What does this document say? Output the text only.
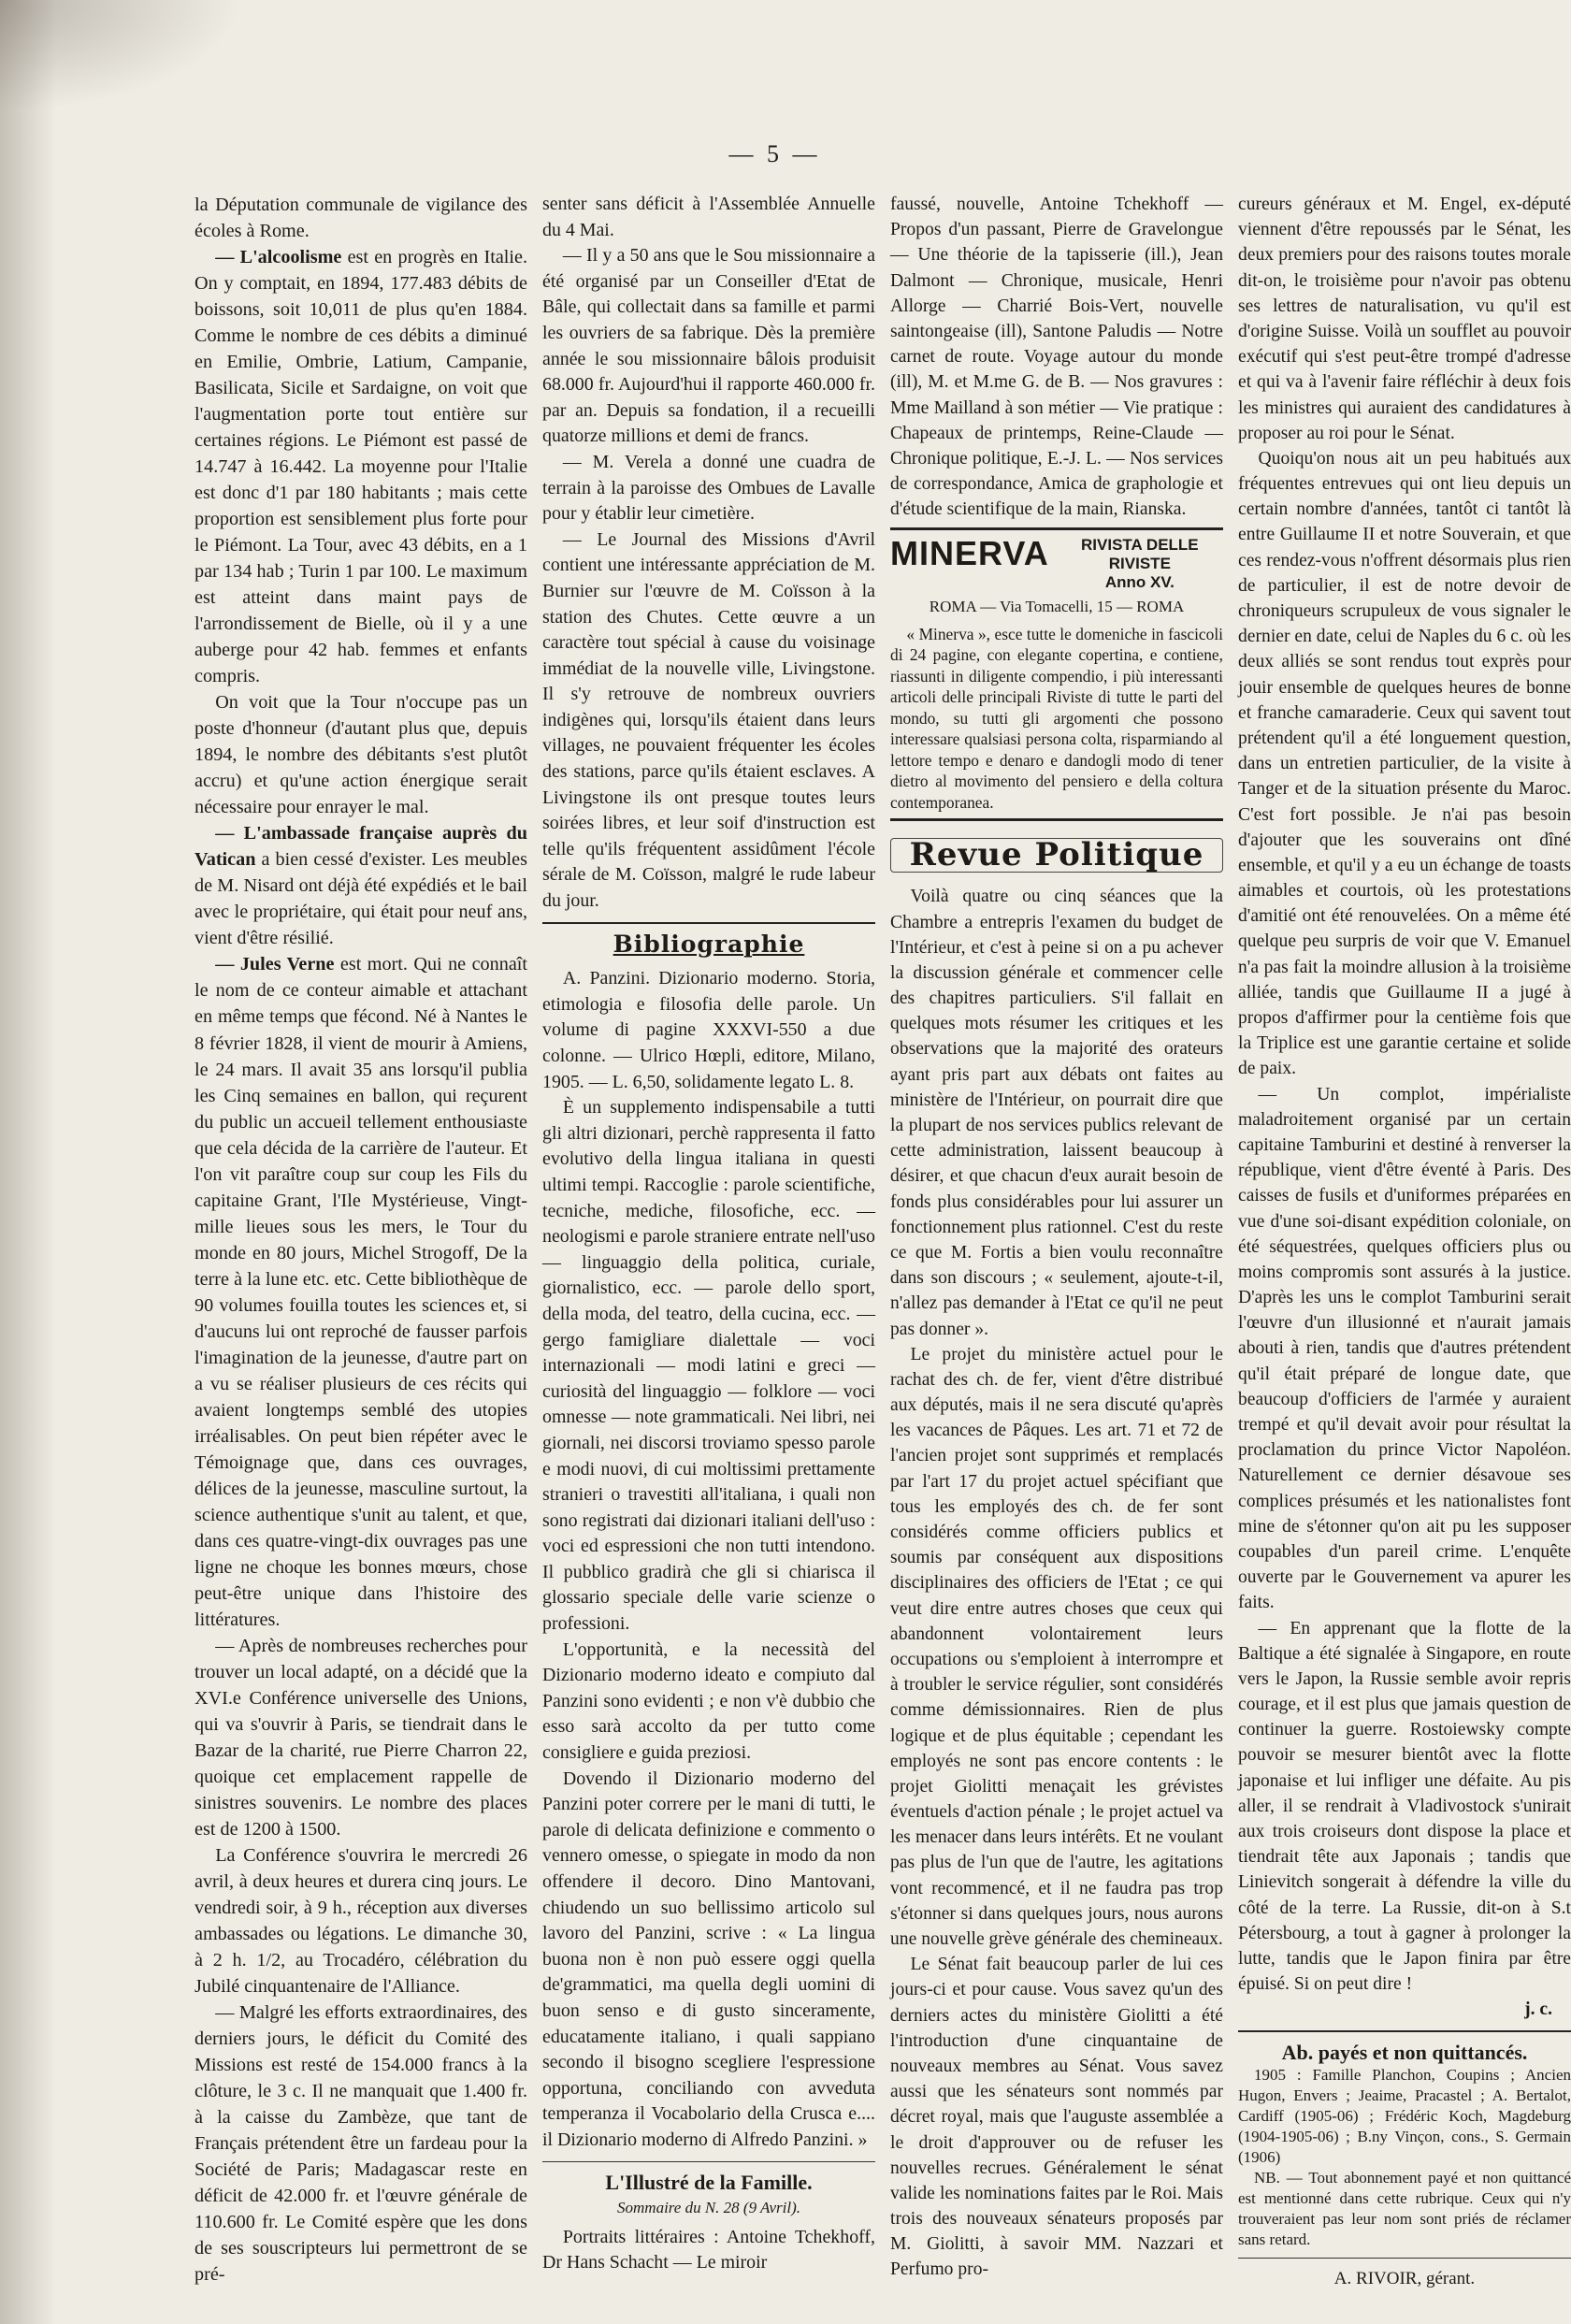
— 5 —

la Députation communale de vigilance des écoles à Rome.

— L'alcoolisme est en progrès en Italie. On y comptait, en 1894, 177.483 débits de boissons, soit 10,011 de plus qu'en 1884. Comme le nombre de ces débits a diminué en Emilie, Ombrie, Latium, Campanie, Basilicata, Sicile et Sardaigne, on voit que l'augmentation porte tout entière sur certaines régions. Le Piémont est passé de 14.747 à 16.442. La moyenne pour l'Italie est donc d'1 par 180 habitants ; mais cette proportion est sensiblement plus forte pour le Piémont. La Tour, avec 43 débits, en a 1 par 134 hab ; Turin 1 par 100. Le maximum est atteint dans maint pays de l'arrondissement de Bielle, où il y a une auberge pour 42 hab. femmes et enfants compris.

On voit que la Tour n'occupe pas un poste d'honneur (d'autant plus que, depuis 1894, le nombre des débitants s'est plutôt accru) et qu'une action énergique serait nécessaire pour enrayer le mal.

— L'ambassade française auprès du Vatican a bien cessé d'exister. Les meubles de M. Nisard ont déjà été expédiés et le bail avec le propriétaire, qui était pour neuf ans, vient d'être résilié.

— Jules Verne est mort. Qui ne connaît le nom de ce conteur aimable et attachant en même temps que fécond. Né à Nantes le 8 février 1828, il vient de mourir à Amiens, le 24 mars. Il avait 35 ans lorsqu'il publia les Cinq semaines en ballon, qui reçurent du public un accueil tellement enthousiaste que cela décida de la carrière de l'auteur. Et l'on vit paraître coup sur coup les Fils du capitaine Grant, l'Ile Mystérieuse, Vingt-mille lieues sous les mers, le Tour du monde en 80 jours, Michel Strogoff, De la terre à la lune etc. etc. Cette bibliothèque de 90 volumes fouilla toutes les sciences et, si d'aucuns lui ont reproché de fausser parfois l'imagination de la jeunesse, d'autre part on a vu se réaliser plusieurs de ces récits qui avaient longtemps semblé des utopies irréalisables. On peut bien répéter avec le Témoignage que, dans ces ouvrages, délices de la jeunesse, masculine surtout, la science authentique s'unit au talent, et que, dans ces quatre-vingt-dix ouvrages pas une ligne ne choque les bonnes mœurs, chose peut-être unique dans l'histoire des littératures.

— Après de nombreuses recherches pour trouver un local adapté, on a décidé que la XVI.e Conférence universelle des Unions, qui va s'ouvrir à Paris, se tiendrait dans le Bazar de la charité, rue Pierre Charron 22, quoique cet emplacement rappelle de sinistres souvenirs. Le nombre des places est de 1200 à 1500.

La Conférence s'ouvrira le mercredi 26 avril, à deux heures et durera cinq jours. Le vendredi soir, à 9 h., réception aux diverses ambassades ou légations. Le dimanche 30, à 2 h. 1/2, au Trocadéro, célébration du Jubilé cinquantenaire de l'Alliance.

— Malgré les efforts extraordinaires, des derniers jours, le déficit du Comité des Missions est resté de 154.000 francs à la clôture, le 3 c. Il ne manquait que 1.400 fr. à la caisse du Zambèze, que tant de Français prétendent être un fardeau pour la Société de Paris; Madagascar reste en déficit de 42.000 fr. et l'œuvre générale de 110.600 fr. Le Comité espère que les dons de ses souscripteurs lui permettront de se pré-

senter sans déficit à l'Assemblée Annuelle du 4 Mai.

— Il y a 50 ans que le Sou missionnaire a été organisé par un Conseiller d'Etat de Bâle, qui collectait dans sa famille et parmi les ouvriers de sa fabrique. Dès la première année le sou missionnaire bâlois produisit 68.000 fr. Aujourd'hui il rapporte 460.000 fr. par an. Depuis sa fondation, il a recueilli quatorze millions et demi de francs.

— M. Verela a donné une cuadra de terrain à la paroisse des Ombues de Lavalle pour y établir leur cimetière.

— Le Journal des Missions d'Avril contient une intéressante appréciation de M. Burnier sur l'œuvre de M. Coïsson à la station des Chutes. Cette œuvre a un caractère tout spécial à cause du voisinage immédiat de la nouvelle ville, Livingstone. Il s'y retrouve de nombreux ouvriers indigènes qui, lorsqu'ils étaient dans leurs villages, ne pouvaient fréquenter les écoles des stations, parce qu'ils étaient esclaves. A Livingstone ils ont presque toutes leurs soirées libres, et leur soif d'instruction est telle qu'ils fréquentent assidûment l'école sérale de M. Coïsson, malgré le rude labeur du jour.

Bibliographie

A. Panzini. Dizionario moderno. Storia, etimologia e filosofia delle parole. Un volume di pagine XXXVI-550 a due colonne. — Ulrico Hœpli, editore, Milano, 1905. — L. 6,50, solidamente legato L. 8.

È un supplemento indispensabile a tutti gli altri dizionari, perchè rappresenta il fatto evolutivo della lingua italiana in questi ultimi tempi. Raccoglie : parole scientifiche, tecniche, mediche, filosofiche, ecc. — neologismi e parole straniere entrate nell'uso — linguaggio della politica, curiale, giornalistico, ecc. — parole dello sport, della moda, del teatro, della cucina, ecc. — gergo famigliare dialettale — voci internazionali — modi latini e greci — curiosità del linguaggio — folklore — voci omnesse — note grammaticali. Nei libri, nei giornali, nei discorsi troviamo spesso parole e modi nuovi, di cui moltissimi prettamente stranieri o travestiti all'italiana, i quali non sono registrati dai dizionari italiani dell'uso : voci ed espressioni che non tutti intendono. Il pubblico gradirà che gli si chiarisca il glossario speciale delle varie scienze o professioni.

L'opportunità, e la necessità del Dizionario moderno ideato e compiuto dal Panzini sono evidenti ; e non v'è dubbio che esso sarà accolto da per tutto come consigliere e guida preziosi.

Dovendo il Dizionario moderno del Panzini poter correre per le mani di tutti, le parole di delicata definizione e commento o vennero omesse, o spiegate in modo da non offendere il decoro. Dino Mantovani, chiudendo un suo bellissimo articolo sul lavoro del Panzini, scrive : « La lingua buona non è non può essere oggi quella de'grammatici, ma quella degli uomini di buon senso e di gusto sinceramente, educatamente italiano, i quali sappiano secondo il bisogno scegliere l'espressione opportuna, conciliando con avveduta temperanza il Vocabolario della Crusca e.... il Dizionario moderno di Alfredo Panzini. »

L'Illustré de la Famille.
Sommaire du N. 28 (9 Avril).

Portraits littéraires : Antoine Tchekhoff, Dr Hans Schacht — Le miroir

faussé, nouvelle, Antoine Tchekhoff — Propos d'un passant, Pierre de Gravelongue — Une théorie de la tapisserie (ill.), Jean Dalmont — Chronique, musicale, Henri Allorge — Charrié Bois-Vert, nouvelle saintongeaise (ill), Santone Paludis — Notre carnet de route. Voyage autour du monde (ill), M. et M.me G. de B. — Nos gravures : Mme Mailland à son métier — Vie pratique : Chapeaux de printemps, Reine-Claude — Chronique politique, E.-J. L. — Nos services de correspondance, Amica de graphologie et d'étude scientifique de la main, Rianska.

MINERVA	RIVISTA DELLE RIVISTE
Anno XV.
ROMA — Via Tomacelli, 15 — ROMA
« Minerva », esce tutte le domeniche in fascicoli di 24 pagine, con elegante copertina, e contiene, riassunti in diligente compendio, i più interessanti articoli delle principali Riviste di tutte le parti del mondo, su tutti gli argomenti che possono interessare qualsiasi persona colta, risparmiando al lettore tempo e denaro e dandogli modo di tener dietro al movimento del pensiero e della coltura contemporanea.
Revue Politique

Voilà quatre ou cinq séances que la Chambre a entrepris l'examen du budget de l'Intérieur, et c'est à peine si on a pu achever la discussion générale et commencer celle des chapitres particuliers. S'il fallait en quelques mots résumer les critiques et les observations que la majorité des orateurs ayant pris part aux débats ont faites au ministère de l'Intérieur, on pourrait dire que la plupart de nos services publics relevant de cette administration, laissent beaucoup à désirer, et que chacun d'eux aurait besoin de fonds plus considérables pour lui assurer un fonctionnement plus rationnel. C'est du reste ce que M. Fortis a bien voulu reconnaître dans son discours ; « seulement, ajoute-t-il, n'allez pas demander à l'Etat ce qu'il ne peut pas donner ».

Le projet du ministère actuel pour le rachat des ch. de fer, vient d'être distribué aux députés, mais il ne sera discuté qu'après les vacances de Pâques. Les art. 71 et 72 de l'ancien projet sont supprimés et remplacés par l'art 17 du projet actuel spécifiant que tous les employés des ch. de fer sont considérés comme officiers publics et soumis par conséquent aux dispositions disciplinaires des officiers de l'Etat ; ce qui veut dire entre autres choses que ceux qui abandonnent volontairement leurs occupations ou s'emploient à interrompre et à troubler le service régulier, sont considérés comme démissionnaires. Rien de plus logique et de plus équitable ; cependant les employés ne sont pas encore contents : le projet Giolitti menaçait les grévistes éventuels d'action pénale ; le projet actuel va les menacer dans leurs intérêts. Et ne voulant pas plus de l'un que de l'autre, les agitations vont recommencé, et il ne faudra pas trop s'étonner si dans quelques jours, nous aurons une nouvelle grève générale des chemineaux.

Le Sénat fait beaucoup parler de lui ces jours-ci et pour cause. Vous savez qu'un des derniers actes du ministère Giolitti a été l'introduction d'une cinquantaine de nouveaux membres au Sénat. Vous savez aussi que les sénateurs sont nommés par décret royal, mais que l'auguste assemblée a le droit d'approuver ou de refuser les nouvelles recrues. Généralement le sénat valide les nominations faites par le Roi. Mais trois des nouveaux sénateurs proposés par M. Giolitti, à savoir MM. Nazzari et Perfumo pro-

cureurs généraux et M. Engel, ex-député viennent d'être repoussés par le Sénat, les deux premiers pour des raisons toutes morale dit-on, le troisième pour n'avoir pas obtenu ses lettres de naturalisation, vu qu'il est d'origine Suisse. Voilà un soufflet au pouvoir exécutif qui s'est peut-être trompé d'adresse et qui va à l'avenir faire réfléchir à deux fois les ministres qui auraient des candidatures à proposer au roi pour le Sénat.

Quoiqu'on nous ait un peu habitués aux fréquentes entrevues qui ont lieu depuis un certain nombre d'années, tantôt ci tantôt là entre Guillaume II et notre Souverain, et que ces rendez-vous n'offrent désormais plus rien de particulier, il est de notre devoir de chroniqueurs scrupuleux de vous signaler le dernier en date, celui de Naples du 6 c. où les deux alliés se sont rendus tout exprès pour jouir ensemble de quelques heures de bonne et franche camaraderie. Ceux qui savent tout prétendent qu'il a été longuement question, dans un entretien particulier, de la visite à Tanger et de la situation présente du Maroc. C'est fort possible. Je n'ai pas besoin d'ajouter que les souverains ont dîné ensemble, et qu'il y a eu un échange de toasts aimables et courtois, où les protestations d'amitié ont été renouvelées. On a même été quelque peu surpris de voir que V. Emanuel n'a pas fait la moindre allusion à la troisième alliée, tandis que Guillaume II a jugé à propos d'affirmer pour la centième fois que la Triplice est une garantie certaine et solide de paix.

— Un complot, impérialiste maladroitement organisé par un certain capitaine Tamburini et destiné à renverser la république, vient d'être éventé à Paris. Des caisses de fusils et d'uniformes préparées en vue d'une soi-disant expédition coloniale, on été séquestrées, quelques officiers plus ou moins compromis sont assurés à la justice. D'après les uns le complot Tamburini serait l'œuvre d'un illusionné et n'aurait jamais abouti à rien, tandis que d'autres prétendent qu'il était préparé de longue date, que beaucoup d'officiers de l'armée y auraient trempé et qu'il devait avoir pour résultat la proclamation du prince Victor Napoléon. Naturellement ce dernier désavoue ses complices présumés et les nationalistes font mine de s'étonner qu'on ait pu les supposer coupables d'un pareil crime. L'enquête ouverte par le Gouvernement va apurer les faits.

— En apprenant que la flotte de la Baltique a été signalée à Singapore, en route vers le Japon, la Russie semble avoir repris courage, et il est plus que jamais question de continuer la guerre. Rostoiewsky compte pouvoir se mesurer bientôt avec la flotte japonaise et lui infliger une défaite. Au pis aller, il se rendrait à Vladivostock s'unirait aux trois croiseurs dont dispose la place et tiendrait tête aux Japonais ; tandis que Linievitch songerait à défendre la ville du côté de la terre. La Russie, dit-on à S.t Pétersbourg, a tout à gagner à prolonger la lutte, tandis que le Japon finira par être épuisé. Si on peut dire !

j. c.
Ab. payés et non quittancés.
1905 : Famille Planchon, Coupins ; Ancien Hugon, Envers ; Jeaime, Pracastel ; A. Bertalot, Cardiff (1905-06) ; Frédéric Koch, Magdeburg (1904-1905-06) ; B.ny Vinçon, cons., S. Germain (1906)
NB. — Tout abonnement payé et non quittancé est mentionné dans cette rubrique. Ceux qui n'y trouveraient pas leur nom sont priés de réclamer sans retard.
A. RIVOIR, gérant.
